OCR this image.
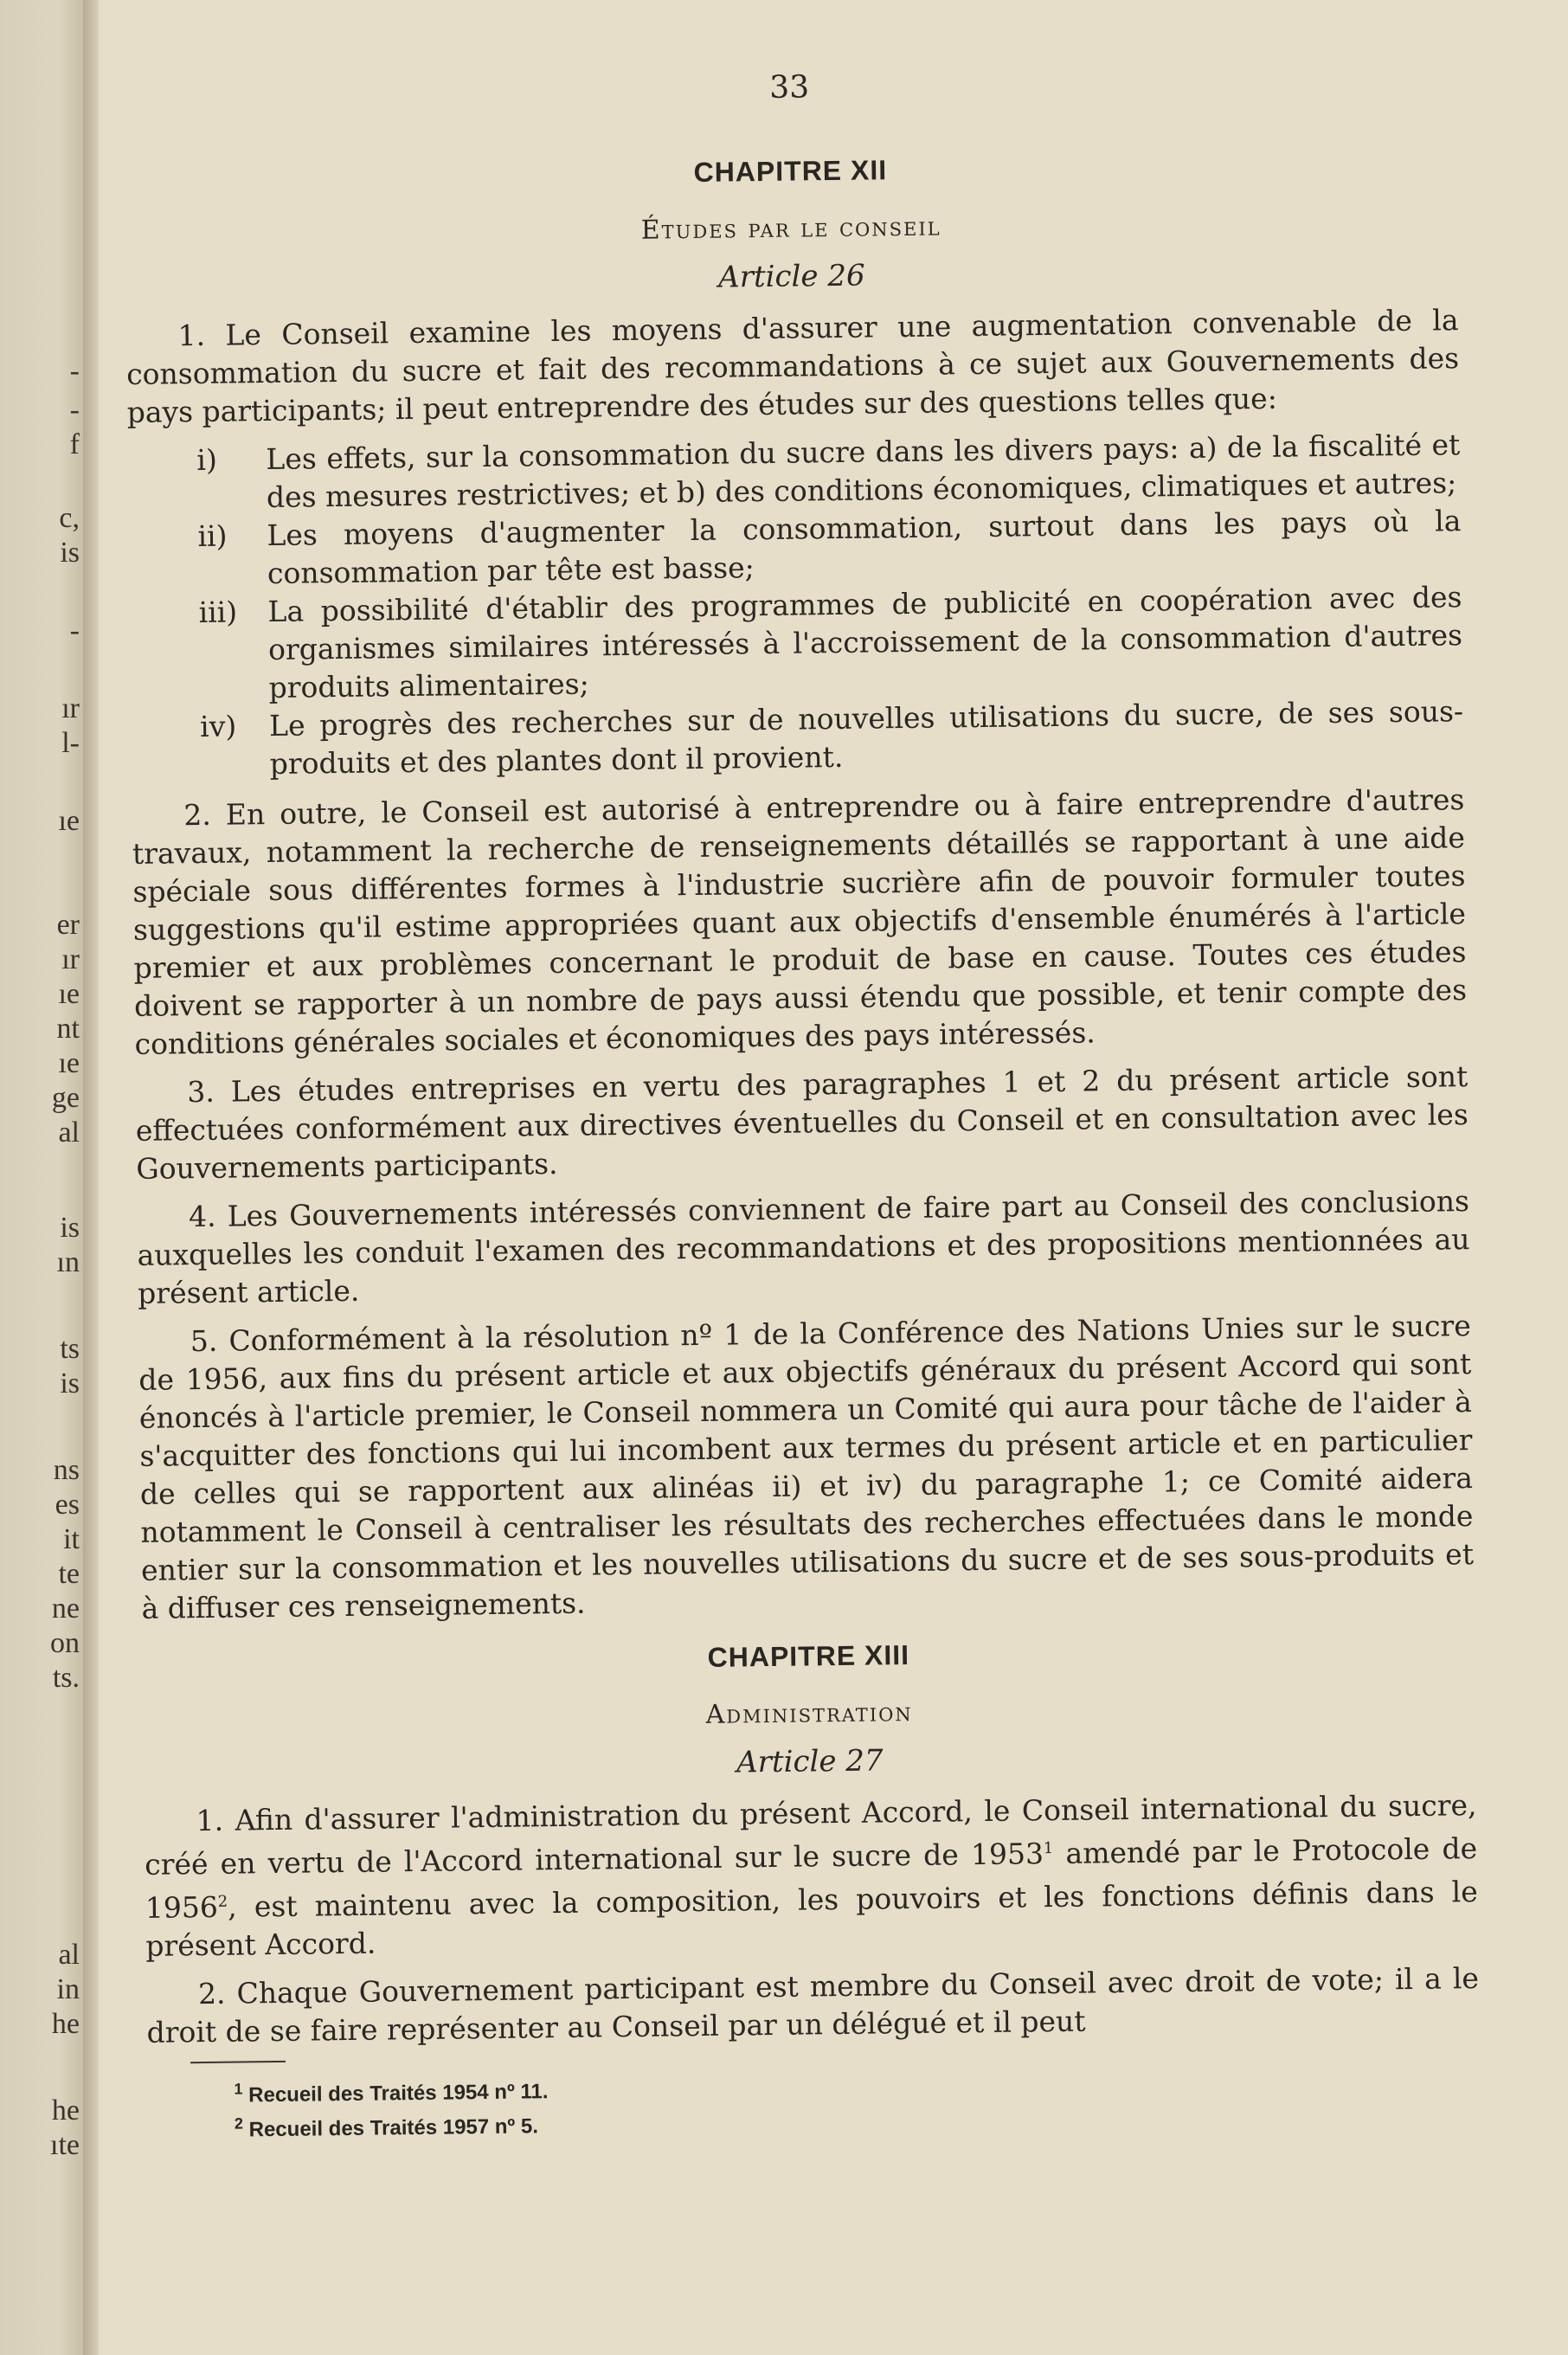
-
-
f
c,
is
-
ır
l-
ıe
er
ır
ıe
nt
ıe
ge
al
is
ın
ts
is
ns
es
it
te
ne
on
ts.
al
in
he
he
ıte
33
CHAPITRE XII
Études par le conseil
Article 26

1. Le Conseil examine les moyens d'assurer une augmentation convenable de la consommation du sucre et fait des recommandations à ce sujet aux Gouvernements des pays participants; il peut entreprendre des études sur des questions telles que:

i)	Les effets, sur la consommation du sucre dans les divers pays: a) de la fiscalité et des mesures restrictives; et b) des conditions économiques, climatiques et autres;
ii)	Les moyens d'augmenter la consommation, surtout dans les pays où la consommation par tête est basse;
iii)	La possibilité d'établir des programmes de publicité en coopération avec des organismes similaires intéressés à l'accroissement de la consommation d'autres produits alimentaires;
iv)	Le progrès des recherches sur de nouvelles utilisations du sucre, de ses sous-produits et des plantes dont il provient.

2. En outre, le Conseil est autorisé à entreprendre ou à faire entreprendre d'autres travaux, notamment la recherche de renseignements détaillés se rapportant à une aide spéciale sous différentes formes à l'industrie sucrière afin de pouvoir formuler toutes suggestions qu'il estime appropriées quant aux objectifs d'ensemble énumérés à l'article premier et aux problèmes concernant le produit de base en cause. Toutes ces études doivent se rapporter à un nombre de pays aussi étendu que possible, et tenir compte des conditions générales sociales et économiques des pays intéressés.

3. Les études entreprises en vertu des paragraphes 1 et 2 du présent article sont effectuées conformément aux directives éventuelles du Conseil et en consultation avec les Gouvernements participants.

4. Les Gouvernements intéressés conviennent de faire part au Conseil des conclusions auxquelles les conduit l'examen des recommandations et des propositions mentionnées au présent article.

5. Conformément à la résolution nº 1 de la Conférence des Nations Unies sur le sucre de 1956, aux fins du présent article et aux objectifs généraux du présent Accord qui sont énoncés à l'article premier, le Conseil nommera un Comité qui aura pour tâche de l'aider à s'acquitter des fonctions qui lui incombent aux termes du présent article et en particulier de celles qui se rapportent aux alinéas ii) et iv) du paragraphe 1; ce Comité aidera notamment le Conseil à centraliser les résultats des recherches effectuées dans le monde entier sur la consommation et les nouvelles utilisations du sucre et de ses sous-produits et à diffuser ces renseignements.

CHAPITRE XIII
Administration
Article 27

1. Afin d'assurer l'administration du présent Accord, le Conseil international du sucre, créé en vertu de l'Accord international sur le sucre de 1953$^1$ amendé par le Protocole de 1956$^2$, est maintenu avec la composition, les pouvoirs et les fonctions définis dans le présent Accord.

2. Chaque Gouvernement participant est membre du Conseil avec droit de vote; il a le droit de se faire représenter au Conseil par un délégué et il peut

$^1$ Recueil des Traités 1954 nº 11.
$^2$ Recueil des Traités 1957 nº 5.
